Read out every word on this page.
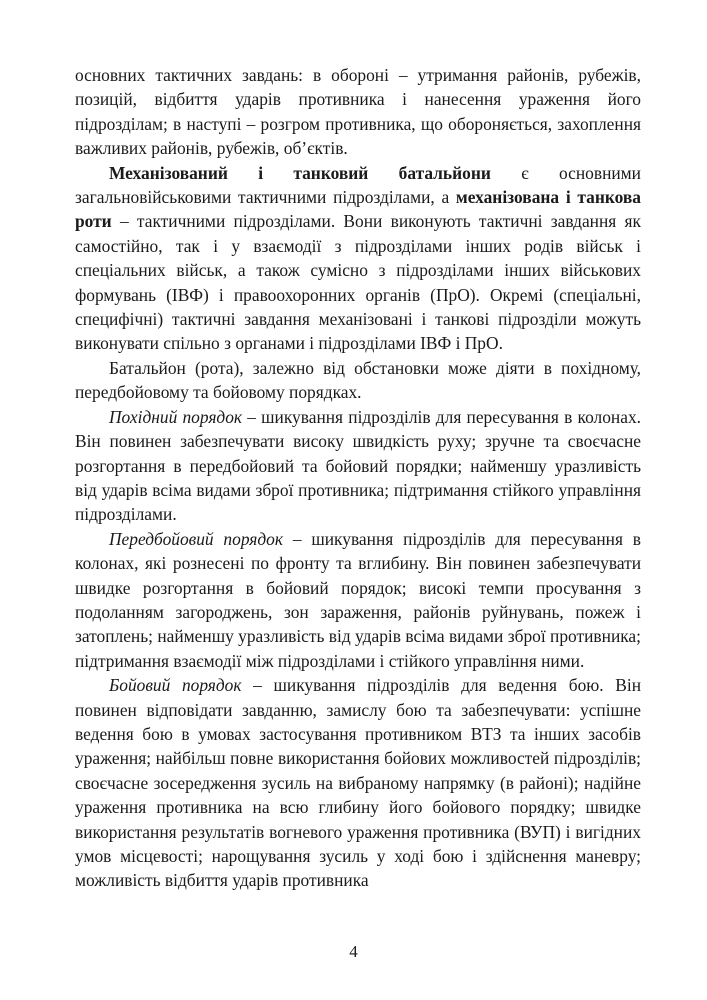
основних тактичних завдань: в обороні – утримання районів, рубежів, позицій, відбиття ударів противника і нанесення ураження його підрозділам; в наступі – розгром противника, що обороняється, захоплення важливих районів, рубежів, об’єктів.

Механізований і танковий батальйони є основними загальновійськовими тактичними підрозділами, а механізована і танкова роти – тактичними підрозділами. Вони виконують тактичні завдання як самостійно, так і у взаємодії з підрозділами інших родів військ і спеціальних військ, а також сумісно з підрозділами інших військових формувань (ІВФ) і правоохоронних органів (ПрО). Окремі (спеціальні, специфічні) тактичні завдання механізовані і танкові підрозділи можуть виконувати спільно з органами і підрозділами ІВФ і ПрО.

Батальйон (рота), залежно від обстановки може діяти в похідному, передбойовому та бойовому порядках.

Похідний порядок – шикування підрозділів для пересування в колонах. Він повинен забезпечувати високу швидкість руху; зручне та своєчасне розгортання в передбойовий та бойовий порядки; найменшу уразливість від ударів всіма видами зброї противника; підтримання стійкого управління підрозділами.

Передбойовий порядок – шикування підрозділів для пересування в колонах, які рознесені по фронту та вглибину. Він повинен забезпечувати швидке розгортання в бойовий порядок; високі темпи просування з подоланням загороджень, зон зараження, районів руйнувань, пожеж і затоплень; найменшу уразливість від ударів всіма видами зброї противника; підтримання взаємодії між підрозділами і стійкого управління ними.

Бойовий порядок – шикування підрозділів для ведення бою. Він повинен відповідати завданню, замислу бою та забезпечувати: успішне ведення бою в умовах застосування противником ВТЗ та інших засобів ураження; найбільш повне використання бойових можливостей підрозділів; своєчасне зосередження зусиль на вибраному напрямку (в районі); надійне ураження противника на всю глибину його бойового порядку; швидке використання результатів вогневого ураження противника (ВУП) і вигідних умов місцевості; нарощування зусиль у ході бою і здійснення маневру; можливість відбиття ударів противника

4
